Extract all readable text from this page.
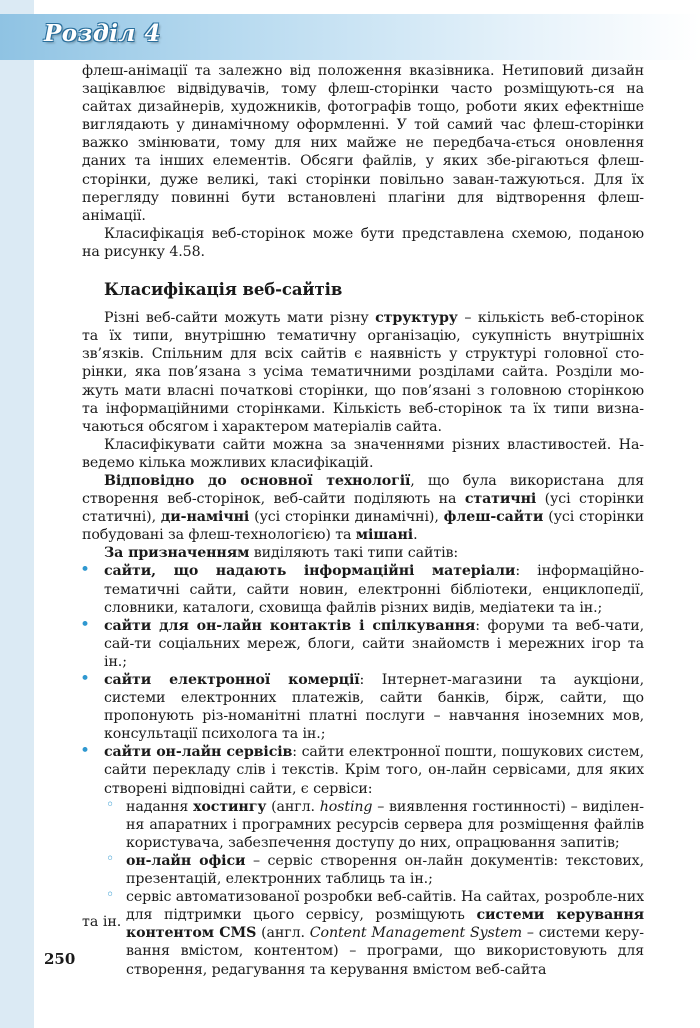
Розділ 4

флеш-анімації та залежно від положення вказівника. Нетиповий дизайн зацікавлює відвідувачів, тому флеш-сторінки часто розміщують-ся на сайтах дизайнерів, художників, фотографів тощо, роботи яких ефектніше виглядають у динамічному оформленні. У той самий час флеш-сторінки важко змінювати, тому для них майже не передбача-ється оновлення даних та інших елементів. Обсяги файлів, у яких збе-рігаються флеш-сторінки, дуже великі, такі сторінки повільно заван-тажуються. Для їх перегляду повинні бути встановлені плагіни для відтворення флеш-анімації.

Класифікація веб-сторінок може бути представлена схемою, поданою на рисунку 4.58.

Класифікація веб-сайтів

Різні веб-сайти можуть мати різну структуру – кількість веб-сторінок та їх типи, внутрішню тематичну організацію, сукупність внутрішніх зв’язків. Спільним для всіх сайтів є наявність у структурі головної сто-рінки, яка пов’язана з усіма тематичними розділами сайта. Розділи мо-жуть мати власні початкові сторінки, що пов’язані з головною сторінкою та інформаційними сторінками. Кількість веб-сторінок та їх типи визна-чаються обсягом і характером матеріалів сайта.

Класифікувати сайти можна за значеннями різних властивостей. На-ведемо кілька можливих класифікацій.

Відповідно до основної технології, що була використана для створення веб-сторінок, веб-сайти поділяють на статичні (усі сторінки статичні), ди-намічні (усі сторінки динамічні), флеш-сайти (усі сторінки побудовані за флеш-технологією) та мішані.

За призначенням виділяють такі типи сайтів:

• сайти, що надають інформаційні матеріали: інформаційно-тематичні сайти, сайти новин, електронні бібліотеки, енциклопедії, словники, каталоги, сховища файлів різних видів, медіатеки та ін.;
• сайти для он-лайн контактів і спілкування: форуми та веб-чати, сай-ти соціальних мереж, блоги, сайти знайомств і мережних ігор та ін.;
• сайти електронної комерції: Інтернет-магазини та аукціони, системи електронних платежів, сайти банків, бірж, сайти, що пропонують різ-номанітні платні послуги – навчання іноземних мов, консультації психолога та ін.;
• сайти он-лайн сервісів: сайти електронної пошти, пошукових систем, сайти перекладу слів і текстів. Крім того, он-лайн сервісами, для яких створені відповідні сайти, є сервіси:
◦ надання хостингу (англ. hosting – виявлення гостинності) – виділен-ня апаратних і програмних ресурсів сервера для розміщення файлів користувача, забезпечення доступу до них, опрацювання запитів;
◦ он-лайн офіси – сервіс створення он-лайн документів: текстових, презентацій, електронних таблиць та ін.;
◦ сервіс автоматизованої розробки веб-сайтів. На сайтах, розробле-них для підтримки цього сервісу, розміщують системи керування контентом CMS (англ. Content Management System – системи керу-вання вмістом, контентом) – програми, що використовують для створення, редагування та керування вмістом веб-сайта
та ін.
250
